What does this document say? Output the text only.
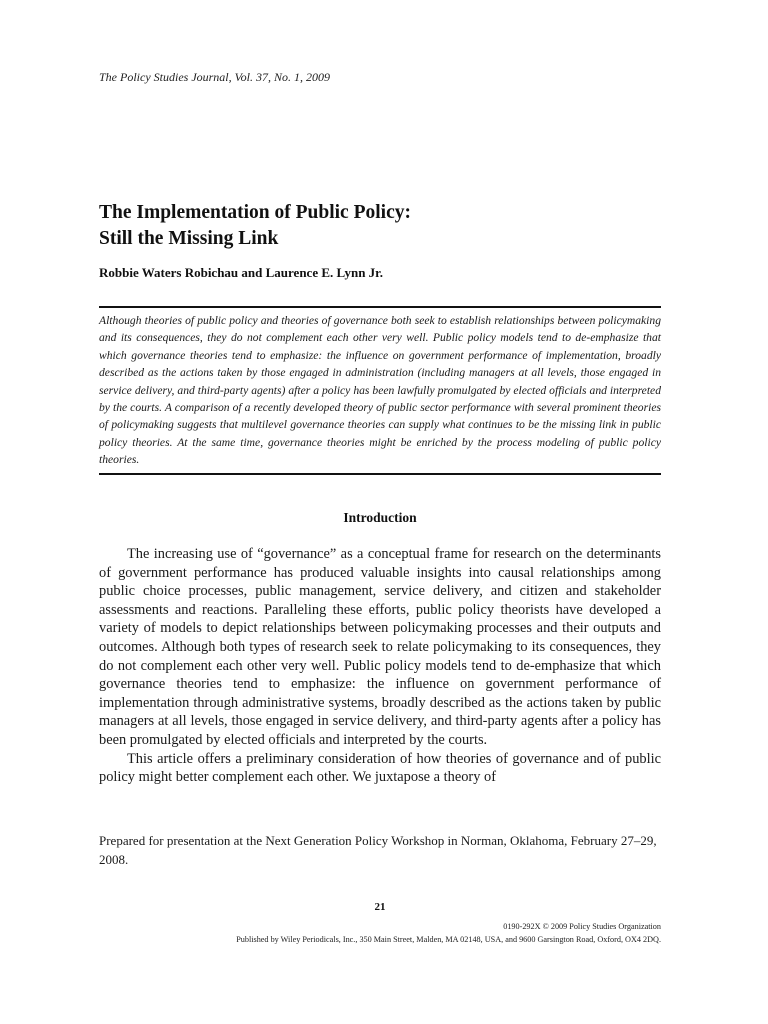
The Policy Studies Journal, Vol. 37, No. 1, 2009
The Implementation of Public Policy:
Still the Missing Link
Robbie Waters Robichau and Laurence E. Lynn Jr.

Although theories of public policy and theories of governance both seek to establish relationships between policymaking and its consequences, they do not complement each other very well. Public policy models tend to de-emphasize that which governance theories tend to emphasize: the influence on government performance of implementation, broadly described as the actions taken by those engaged in administration (including managers at all levels, those engaged in service delivery, and third-party agents) after a policy has been lawfully promulgated by elected officials and interpreted by the courts. A comparison of a recently developed theory of public sector performance with several prominent theories of policymaking suggests that multilevel governance theories can supply what continues to be the missing link in public policy theories. At the same time, governance theories might be enriched by the process modeling of public policy theories.

Introduction

The increasing use of “governance” as a conceptual frame for research on the determinants of government performance has produced valuable insights into causal relationships among public choice processes, public management, service delivery, and citizen and stakeholder assessments and reactions. Paralleling these efforts, public policy theorists have developed a variety of models to depict relationships between policymaking processes and their outputs and outcomes. Although both types of research seek to relate policymaking to its consequences, they do not complement each other very well. Public policy models tend to de-emphasize that which governance theories tend to emphasize: the influence on government performance of implementation through administrative systems, broadly described as the actions taken by public managers at all levels, those engaged in service delivery, and third-party agents after a policy has been promulgated by elected officials and interpreted by the courts.

This article offers a preliminary consideration of how theories of governance and of public policy might better complement each other. We juxtapose a theory of

Prepared for presentation at the Next Generation Policy Workshop in Norman, Oklahoma, February 27–29, 2008.
21
0190-292X © 2009 Policy Studies Organization
Published by Wiley Periodicals, Inc., 350 Main Street, Malden, MA 02148, USA, and 9600 Garsington Road, Oxford, OX4 2DQ.
